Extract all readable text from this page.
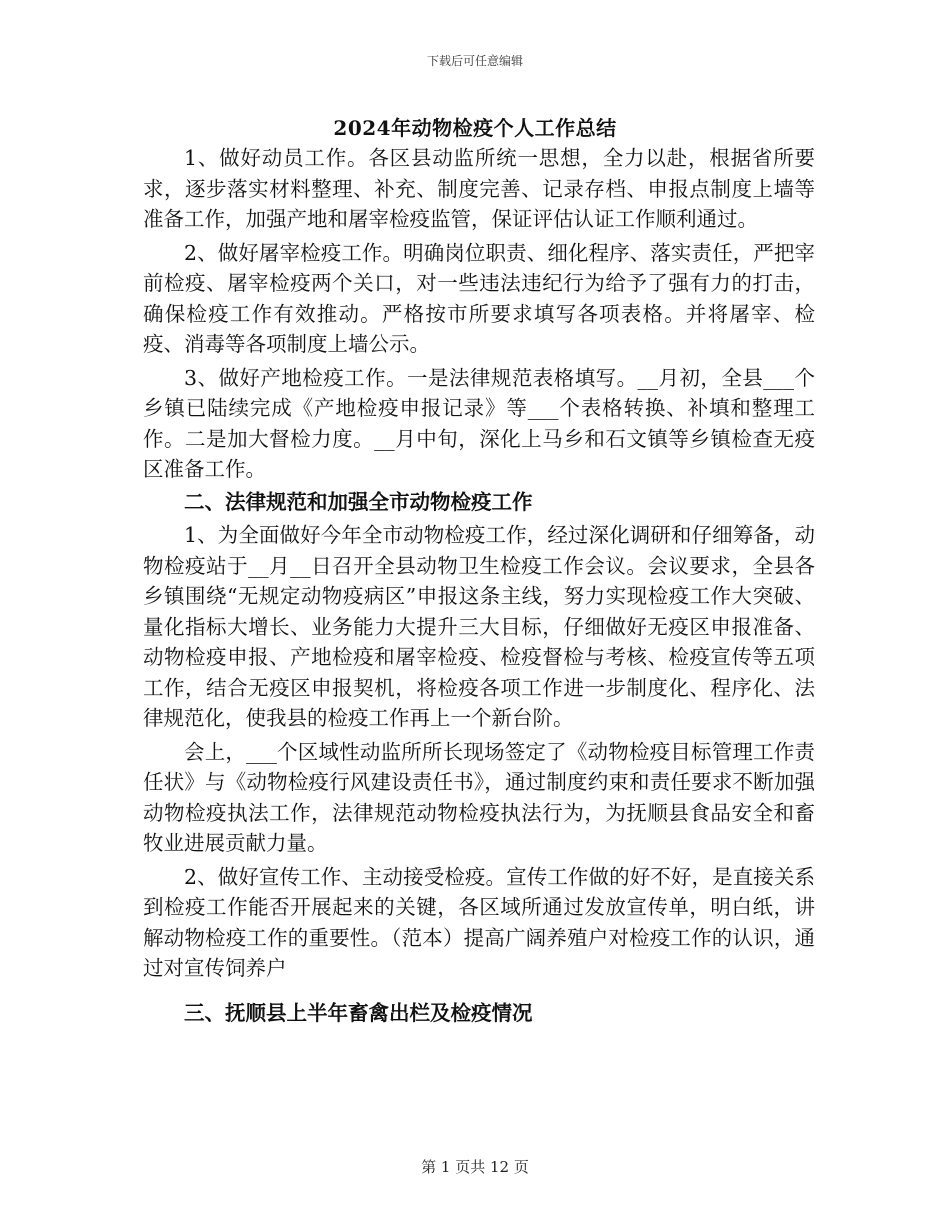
下载后可任意编辑
2024年动物检疫个人工作总结

1、做好动员工作。各区县动监所统一思想，全力以赴，根据省所要求，逐步落实材料整理、补充、制度完善、记录存档、申报点制度上墙等准备工作，加强产地和屠宰检疫监管，保证评估认证工作顺利通过。

2、做好屠宰检疫工作。明确岗位职责、细化程序、落实责任，严把宰前检疫、屠宰检疫两个关口，对一些违法违纪行为给予了强有力的打击，确保检疫工作有效推动。严格按市所要求填写各项表格。并将屠宰、检疫、消毒等各项制度上墙公示。

3、做好产地检疫工作。一是法律规范表格填写。__月初，全县___个乡镇已陆续完成《产地检疫申报记录》等___个表格转换、补填和整理工作。二是加大督检力度。__月中旬，深化上马乡和石文镇等乡镇检查无疫区准备工作。

二、法律规范和加强全市动物检疫工作

1、为全面做好今年全市动物检疫工作，经过深化调研和仔细筹备，动物检疫站于__月__日召开全县动物卫生检疫工作会议。会议要求，全县各乡镇围绕“无规定动物疫病区”申报这条主线，努力实现检疫工作大突破、量化指标大增长、业务能力大提升三大目标，仔细做好无疫区申报准备、动物检疫申报、产地检疫和屠宰检疫、检疫督检与考核、检疫宣传等五项工作，结合无疫区申报契机，将检疫各项工作进一步制度化、程序化、法律规范化，使我县的检疫工作再上一个新台阶。

会上，___个区域性动监所所长现场签定了《动物检疫目标管理工作责任状》与《动物检疫行风建设责任书》，通过制度约束和责任要求不断加强动物检疫执法工作，法律规范动物检疫执法行为，为抚顺县食品安全和畜牧业进展贡献力量。

2、做好宣传工作、主动接受检疫。宣传工作做的好不好，是直接关系到检疫工作能否开展起来的关键，各区域所通过发放宣传单，明白纸，讲解动物检疫工作的重要性。（范本）提高广阔养殖户对检疫工作的认识，通过对宣传饲养户

三、抚顺县上半年畜禽出栏及检疫情况
第 1 页共 12 页
